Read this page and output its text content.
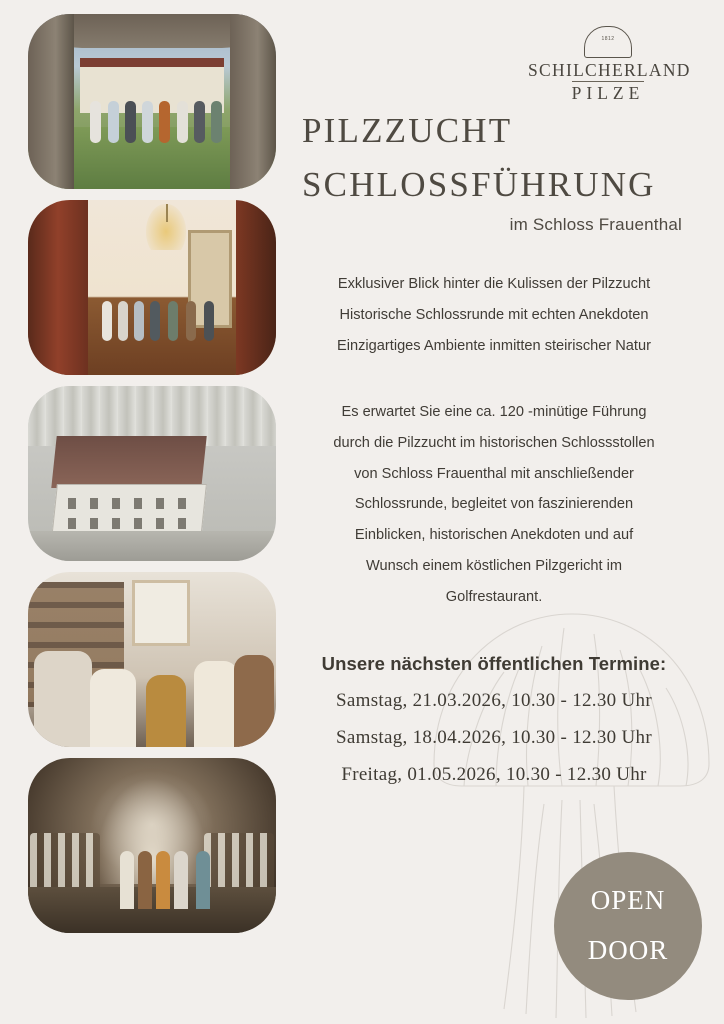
1812
SCHILCHERLAND
PILZE
PILZZUCHT
SCHLOSSFÜHRUNG
im Schloss Frauenthal
Exklusiver Blick hinter die Kulissen der Pilzzucht
Historische Schlossrunde mit echten Anekdoten
Einzigartiges Ambiente inmitten steirischer Natur
Es erwartet Sie eine ca. 120 -minütige Führung
durch die Pilzzucht im historischen Schlossstollen
von Schloss Frauenthal mit anschließender
Schlossrunde, begleitet von faszinierenden
Einblicken, historischen Anekdoten und auf
Wunsch einem köstlichen Pilzgericht im
Golfrestaurant.
Unsere nächsten öffentlichen Termine:
Samstag, 21.03.2026, 10.30 - 12.30 Uhr
Samstag, 18.04.2026, 10.30 - 12.30 Uhr
Freitag, 01.05.2026, 10.30 - 12.30 Uhr
OPEN
DOOR
